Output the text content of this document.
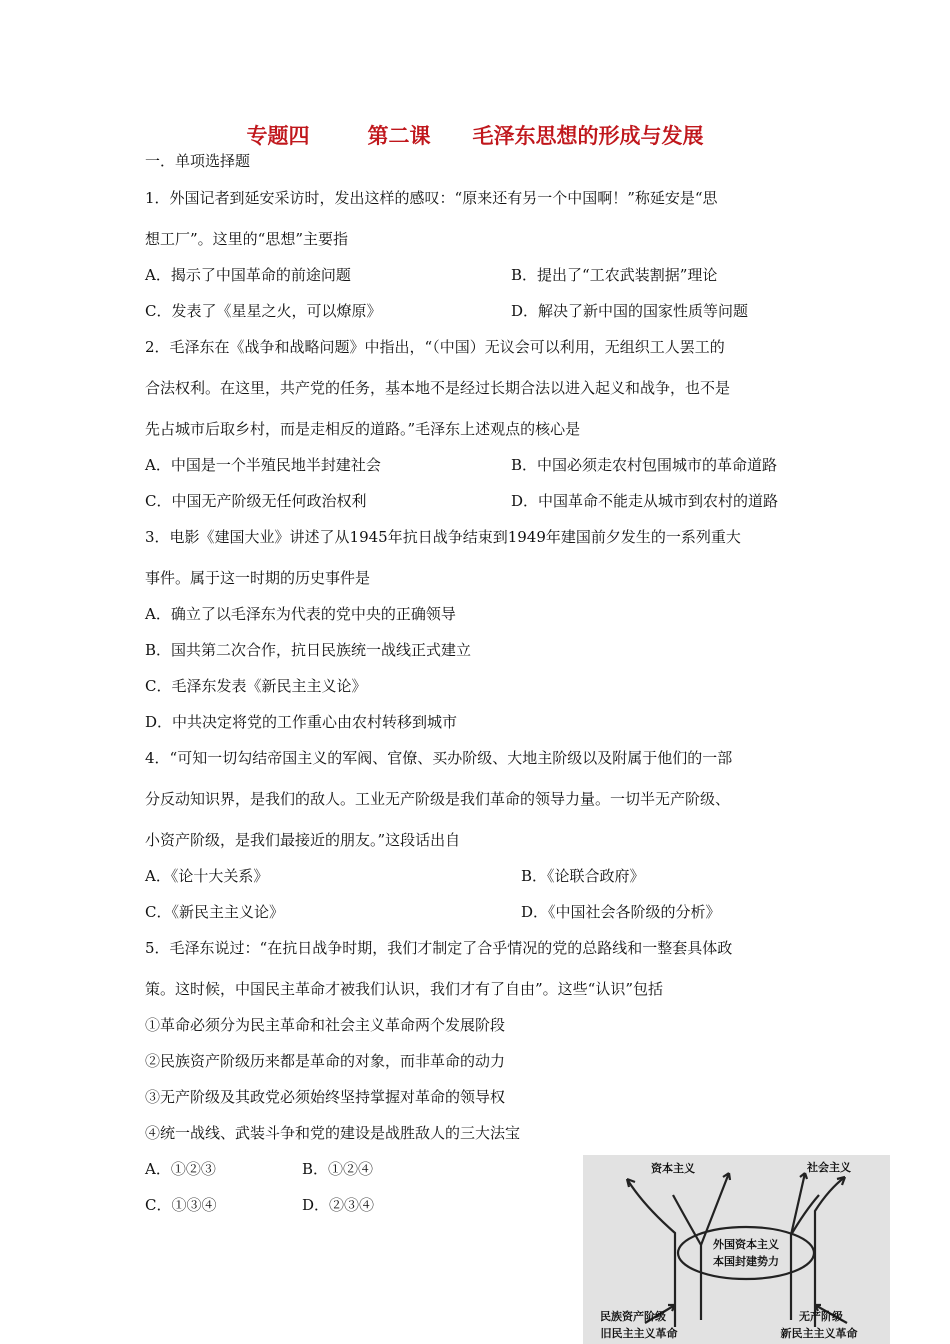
专题四	第二课 毛泽东思想的形成与发展
一．单项选择题
1．外国记者到延安采访时，发出这样的感叹：“原来还有另一个中国啊！”称延安是“思
想工厂”。这里的“思想”主要指
A．揭示了中国革命的前途问题	B．提出了“工农武装割据”理论
C．发表了《星星之火，可以燎原》	D．解决了新中国的国家性质等问题
2．毛泽东在《战争和战略问题》中指出，“（中国）无议会可以利用，无组织工人罢工的
合法权利。在这里，共产党的任务，基本地不是经过长期合法以进入起义和战争，也不是
先占城市后取乡村，而是走相反的道路。”毛泽东上述观点的核心是
A．中国是一个半殖民地半封建社会	B．中国必须走农村包围城市的革命道路
C．中国无产阶级无任何政治权利	D．中国革命不能走从城市到农村的道路
3．电影《建国大业》讲述了从1945年抗日战争结束到1949年建国前夕发生的一系列重大
事件。属于这一时期的历史事件是
A．确立了以毛泽东为代表的党中央的正确领导
B．国共第二次合作，抗日民族统一战线正式建立
C．毛泽东发表《新民主主义论》
D．中共决定将党的工作重心由农村转移到城市
4．“可知一切勾结帝国主义的军阀、官僚、买办阶级、大地主阶级以及附属于他们的一部
分反动知识界，是我们的敌人。工业无产阶级是我们革命的领导力量。一切半无产阶级、
小资产阶级，是我们最接近的朋友。”这段话出自
A．《论十大关系》	B．《论联合政府》
C．《新民主主义论》	D．《中国社会各阶级的分析》
5．毛泽东说过：“在抗日战争时期，我们才制定了合乎情况的党的总路线和一整套具体政
策。这时候，中国民主革命才被我们认识，我们才有了自由”。这些“认识”包括
①革命必须分为民主革命和社会主义革命两个发展阶段
②民族资产阶级历来都是革命的对象，而非革命的动力
③无产阶级及其政党必须始终坚持掌握对革命的领导权
④统一战线、武装斗争和党的建设是战胜敌人的三大法宝
A．①②③	B．①②④
C．①③④	D．②③④
资本主义	社会主义
外国资本主义
本国封建势力
民族资产阶级
旧民主主义革命
无产阶级
新民主主义革命
